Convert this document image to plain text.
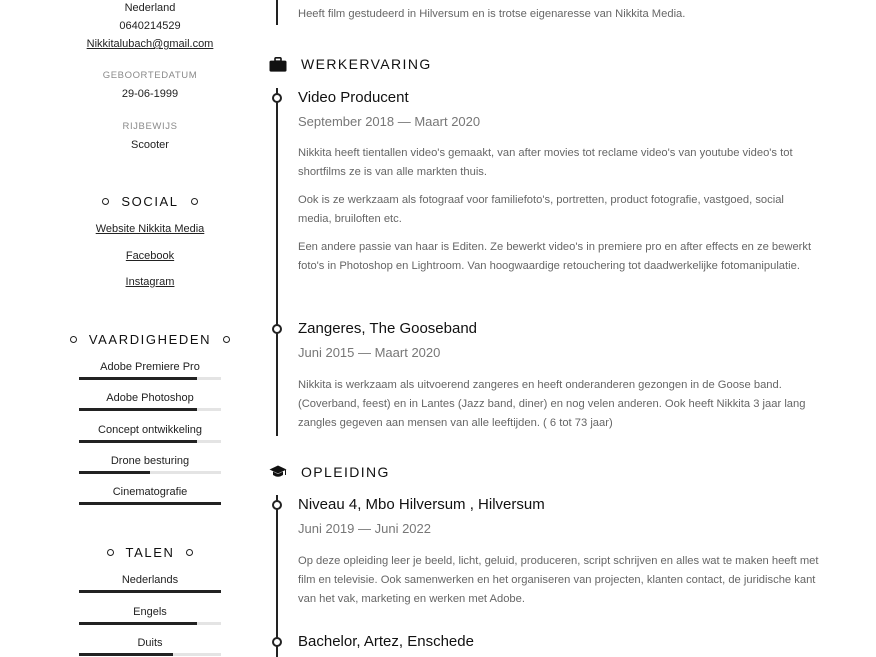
Nederland
0640214529
Nikkitalubach@gmail.com
GEBOORTEDATUM
29-06-1999
RIJBEWIJS
Scooter
SOCIAL
Website Nikkita Media
Facebook
Instagram
VAARDIGHEDEN
Adobe Premiere Pro
Adobe Photoshop
Concept ontwikkeling
Drone besturing
Cinematografie
TALEN
Nederlands
Engels
Duits
Heeft film gestudeerd in Hilversum en is trotse eigenaresse van Nikkita Media.
WERKERVARING
Video Producent
September 2018 — Maart 2020
Nikkita heeft tientallen video's gemaakt, van after movies tot reclame video's van youtube video's tot shortfilms ze is van alle markten thuis.
Ook is ze werkzaam als fotograaf voor familiefoto's, portretten, product fotografie, vastgoed, social media, bruiloften etc.
Een andere passie van haar is Editen. Ze bewerkt video's in premiere pro en after effects en ze bewerkt foto's in Photoshop en Lightroom. Van hoogwaardige retouchering tot daadwerkelijke fotomanipulatie.
Zangeres, The Gooseband
Juni 2015 — Maart 2020
Nikkita is werkzaam als uitvoerend zangeres en heeft onderanderen gezongen in de Goose band. (Coverband, feest) en in Lantes (Jazz band, diner) en nog velen anderen. Ook heeft Nikkita 3 jaar lang zangles gegeven aan mensen van alle leeftijden. ( 6 tot 73 jaar)
OPLEIDING
Niveau 4, Mbo Hilversum , Hilversum
Juni 2019 — Juni 2022
Op deze opleiding leer je beeld, licht, geluid, produceren, script schrijven en alles wat te maken heeft met film en televisie. Ook samenwerken en het organiseren van projecten, klanten contact, de juridische kant van het vak, marketing en werken met Adobe.
Bachelor, Artez, Enschede
